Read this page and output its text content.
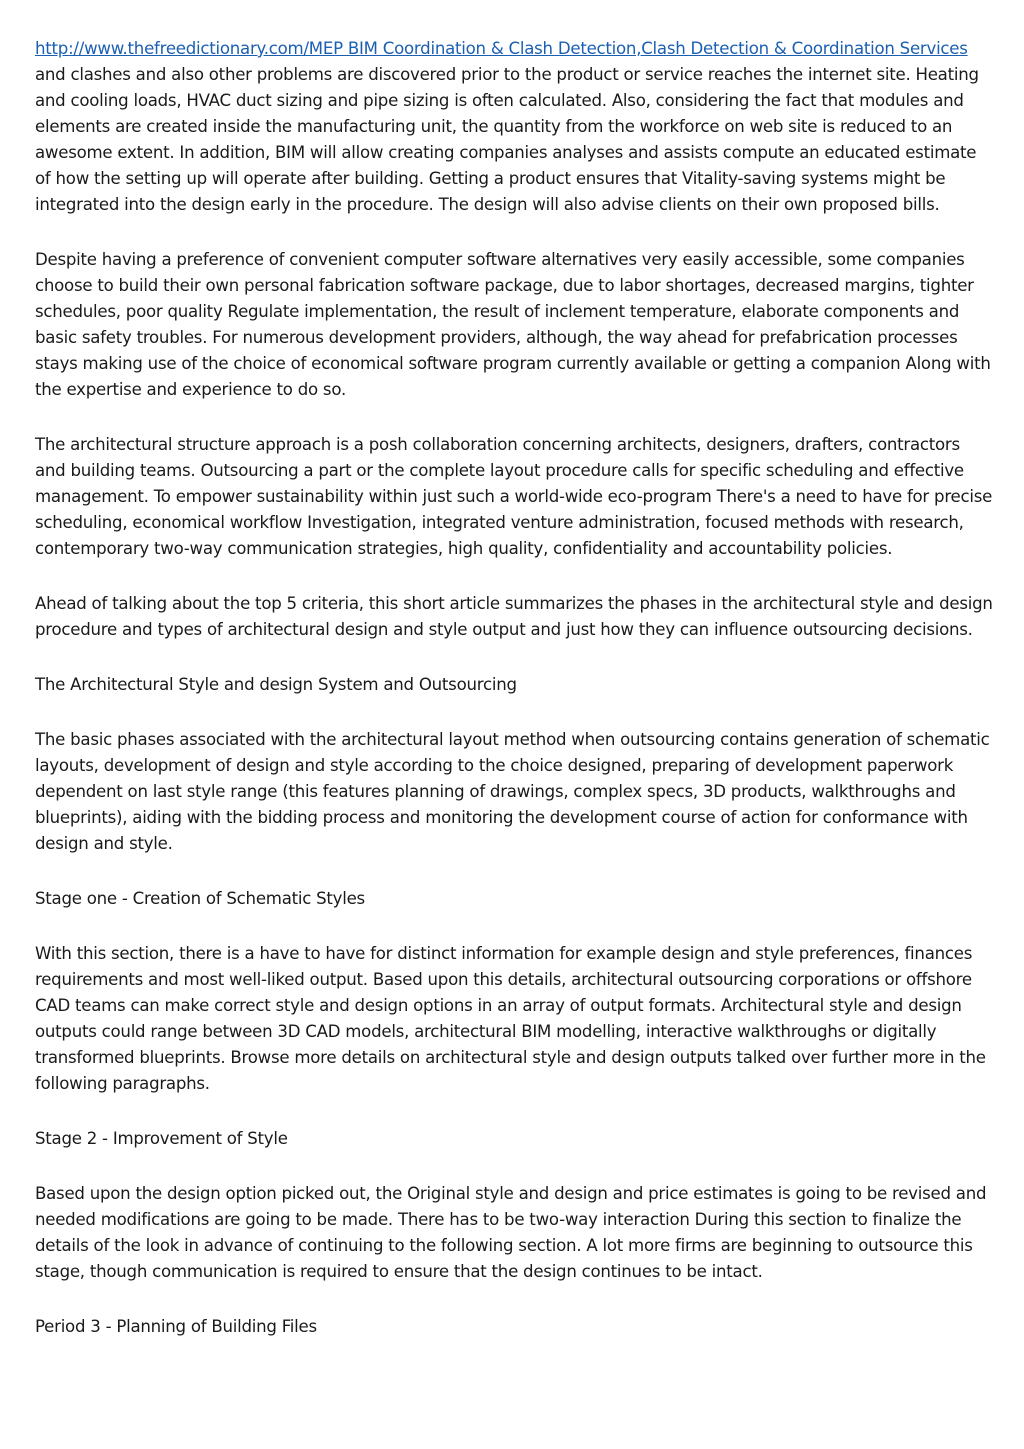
http://www.thefreedictionary.com/MEP BIM Coordination & Clash Detection,Clash Detection & Coordination Services and clashes and also other problems are discovered prior to the product or service reaches the internet site. Heating and cooling loads, HVAC duct sizing and pipe sizing is often calculated. Also, considering the fact that modules and elements are created inside the manufacturing unit, the quantity from the workforce on web site is reduced to an awesome extent. In addition, BIM will allow creating companies analyses and assists compute an educated estimate of how the setting up will operate after building. Getting a product ensures that Vitality-saving systems might be integrated into the design early in the procedure. The design will also advise clients on their own proposed bills.

Despite having a preference of convenient computer software alternatives very easily accessible, some companies choose to build their own personal fabrication software package, due to labor shortages, decreased margins, tighter schedules, poor quality Regulate implementation, the result of inclement temperature, elaborate components and basic safety troubles. For numerous development providers, although, the way ahead for prefabrication processes stays making use of the choice of economical software program currently available or getting a companion Along with the expertise and experience to do so.

The architectural structure approach is a posh collaboration concerning architects, designers, drafters, contractors and building teams. Outsourcing a part or the complete layout procedure calls for specific scheduling and effective management. To empower sustainability within just such a world-wide eco-program There's a need to have for precise scheduling, economical workflow Investigation, integrated venture administration, focused methods with research, contemporary two-way communication strategies, high quality, confidentiality and accountability policies.

Ahead of talking about the top 5 criteria, this short article summarizes the phases in the architectural style and design procedure and types of architectural design and style output and just how they can influence outsourcing decisions.

The Architectural Style and design System and Outsourcing

The basic phases associated with the architectural layout method when outsourcing contains generation of schematic layouts, development of design and style according to the choice designed, preparing of development paperwork dependent on last style range (this features planning of drawings, complex specs, 3D products, walkthroughs and blueprints), aiding with the bidding process and monitoring the development course of action for conformance with design and style.

Stage one - Creation of Schematic Styles

With this section, there is a have to have for distinct information for example design and style preferences, finances requirements and most well-liked output. Based upon this details, architectural outsourcing corporations or offshore CAD teams can make correct style and design options in an array of output formats. Architectural style and design outputs could range between 3D CAD models, architectural BIM modelling, interactive walkthroughs or digitally transformed blueprints. Browse more details on architectural style and design outputs talked over further more in the following paragraphs.

Stage 2 - Improvement of Style

Based upon the design option picked out, the Original style and design and price estimates is going to be revised and needed modifications are going to be made. There has to be two-way interaction During this section to finalize the details of the look in advance of continuing to the following section. A lot more firms are beginning to outsource this stage, though communication is required to ensure that the design continues to be intact.

Period 3 - Planning of Building Files
